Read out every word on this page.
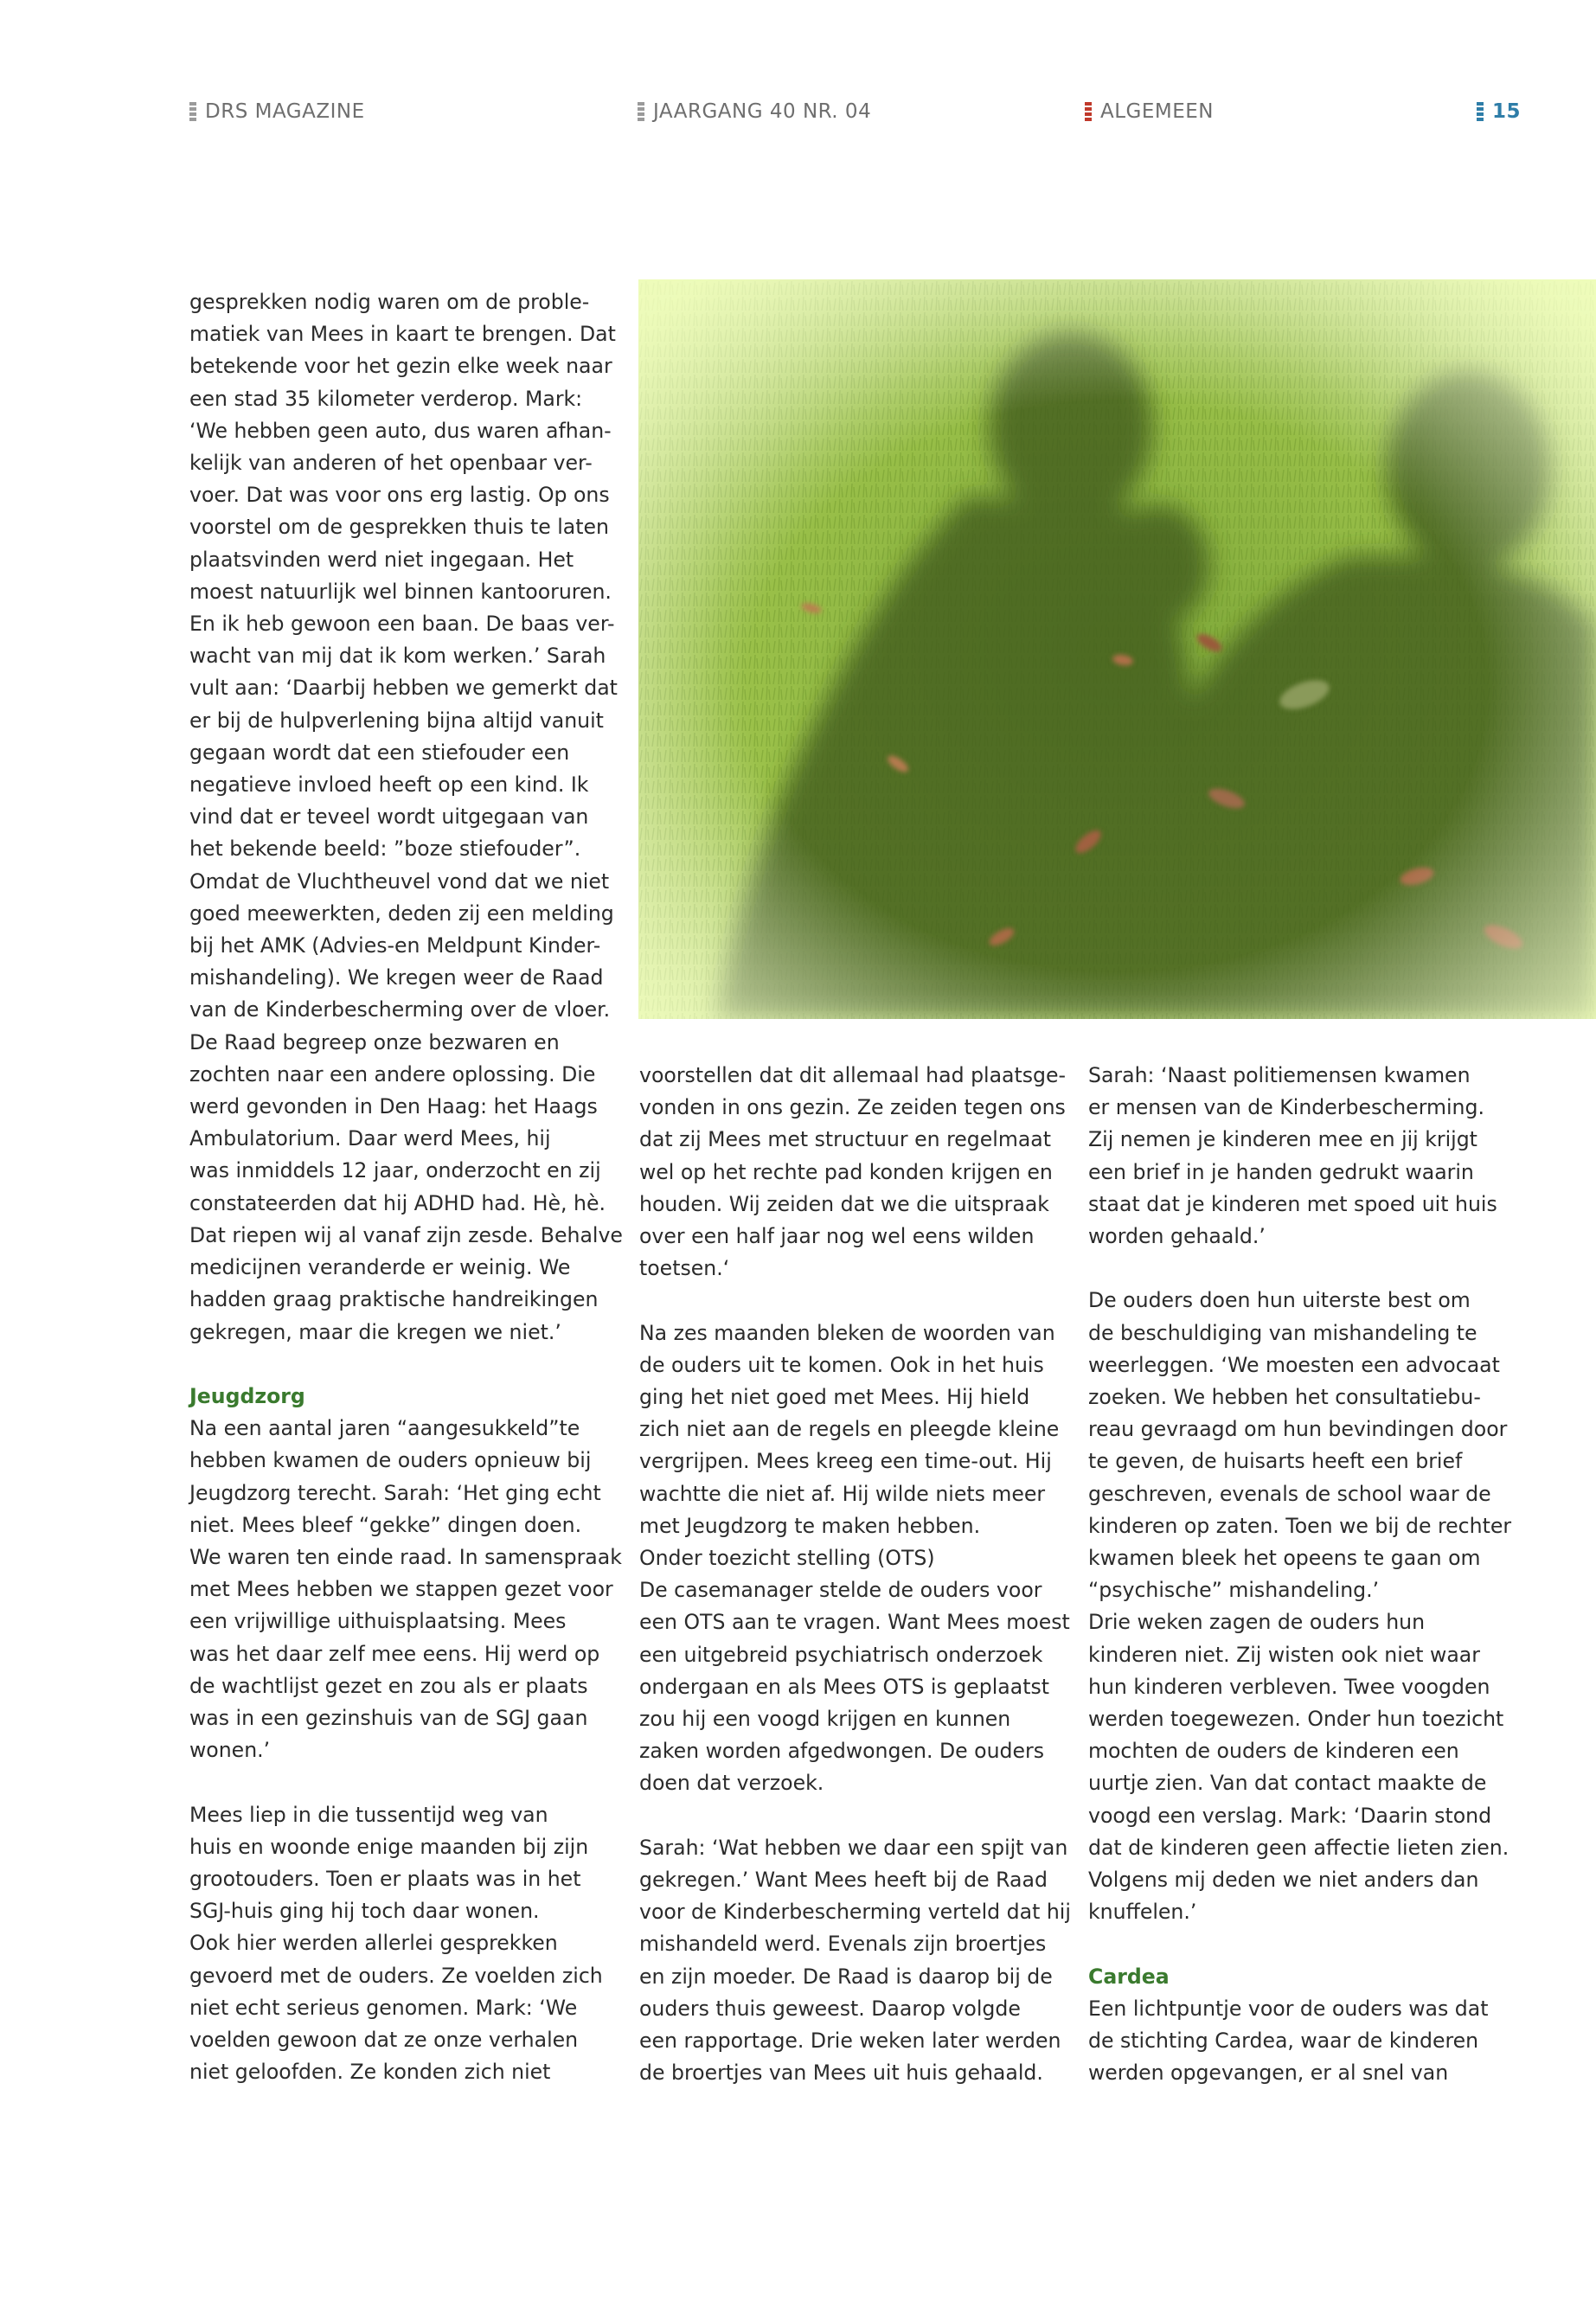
DRS MAGAZINE	JAARGANG 40 NR. 04	ALGEMEEN	15

gesprekken nodig waren om de proble-
matiek van Mees in kaart te brengen. Dat
betekende voor het gezin elke week naar
een stad 35 kilometer verderop. Mark:
‘We hebben geen auto, dus waren afhan-
kelijk van anderen of het openbaar ver-
voer. Dat was voor ons erg lastig. Op ons
voorstel om de gesprekken thuis te laten
plaatsvinden werd niet ingegaan. Het
moest natuurlijk wel binnen kantooruren.
En ik heb gewoon een baan. De baas ver-
wacht van mij dat ik kom werken.’ Sarah
vult aan: ‘Daarbij hebben we gemerkt dat
er bij de hulpverlening bijna altijd vanuit
gegaan wordt dat een stiefouder een
negatieve invloed heeft op een kind. Ik
vind dat er teveel wordt uitgegaan van
het bekende beeld: ”boze stiefouder”.
Omdat de Vluchtheuvel vond dat we niet
goed meewerkten, deden zij een melding
bij het AMK (Advies-en Meldpunt Kinder-
mishandeling). We kregen weer de Raad
van de Kinderbescherming over de vloer.
De Raad begreep onze bezwaren en
zochten naar een andere oplossing. Die
werd gevonden in Den Haag: het Haags
Ambulatorium. Daar werd Mees, hij
was inmiddels 12 jaar, onderzocht en zij
constateerden dat hij ADHD had. Hè, hè.
Dat riepen wij al vanaf zijn zesde. Behalve
medicijnen veranderde er weinig. We
hadden graag praktische handreikingen
gekregen, maar die kregen we niet.’

Jeugdzorg

Na een aantal jaren “aangesukkeld”te
hebben kwamen de ouders opnieuw bij
Jeugdzorg terecht. Sarah: ‘Het ging echt
niet. Mees bleef “gekke” dingen doen.
We waren ten einde raad. In samenspraak
met Mees hebben we stappen gezet voor
een vrijwillige uithuisplaatsing. Mees
was het daar zelf mee eens. Hij werd op
de wachtlijst gezet en zou als er plaats
was in een gezinshuis van de SGJ gaan
wonen.’

Mees liep in die tussentijd weg van
huis en woonde enige maanden bij zijn
grootouders. Toen er plaats was in het
SGJ-huis ging hij toch daar wonen.
Ook hier werden allerlei gesprekken
gevoerd met de ouders. Ze voelden zich
niet echt serieus genomen. Mark: ‘We
voelden gewoon dat ze onze verhalen
niet geloofden. Ze konden zich niet

voorstellen dat dit allemaal had plaatsge-
vonden in ons gezin. Ze zeiden tegen ons
dat zij Mees met structuur en regelmaat
wel op het rechte pad konden krijgen en
houden. Wij zeiden dat we die uitspraak
over een half jaar nog wel eens wilden
toetsen.‘

Na zes maanden bleken de woorden van
de ouders uit te komen. Ook in het huis
ging het niet goed met Mees. Hij hield
zich niet aan de regels en pleegde kleine
vergrijpen. Mees kreeg een time-out. Hij
wachtte die niet af. Hij wilde niets meer
met Jeugdzorg te maken hebben.

Onder toezicht stelling (OTS)
De casemanager stelde de ouders voor
een OTS aan te vragen. Want Mees moest
een uitgebreid psychiatrisch onderzoek
ondergaan en als Mees OTS is geplaatst
zou hij een voogd krijgen en kunnen
zaken worden afgedwongen. De ouders
doen dat verzoek.

Sarah: ‘Wat hebben we daar een spijt van
gekregen.’ Want Mees heeft bij de Raad
voor de Kinderbescherming verteld dat hij
mishandeld werd. Evenals zijn broertjes
en zijn moeder. De Raad is daarop bij de
ouders thuis geweest. Daarop volgde
een rapportage. Drie weken later werden
de broertjes van Mees uit huis gehaald.

Sarah: ‘Naast politiemensen kwamen
er mensen van de Kinderbescherming.
Zij nemen je kinderen mee en jij krijgt
een brief in je handen gedrukt waarin
staat dat je kinderen met spoed uit huis
worden gehaald.’

De ouders doen hun uiterste best om
de beschuldiging van mishandeling te
weerleggen. ‘We moesten een advocaat
zoeken. We hebben het consultatiebu-
reau gevraagd om hun bevindingen door
te geven, de huisarts heeft een brief
geschreven, evenals de school waar de
kinderen op zaten. Toen we bij de rechter
kwamen bleek het opeens te gaan om
“psychische” mishandeling.’

Drie weken zagen de ouders hun
kinderen niet. Zij wisten ook niet waar
hun kinderen verbleven. Twee voogden
werden toegewezen. Onder hun toezicht
mochten de ouders de kinderen een
uurtje zien. Van dat contact maakte de
voogd een verslag. Mark: ‘Daarin stond
dat de kinderen geen affectie lieten zien.
Volgens mij deden we niet anders dan
knuffelen.’

Cardea

Een lichtpuntje voor de ouders was dat
de stichting Cardea, waar de kinderen
werden opgevangen, er al snel van
